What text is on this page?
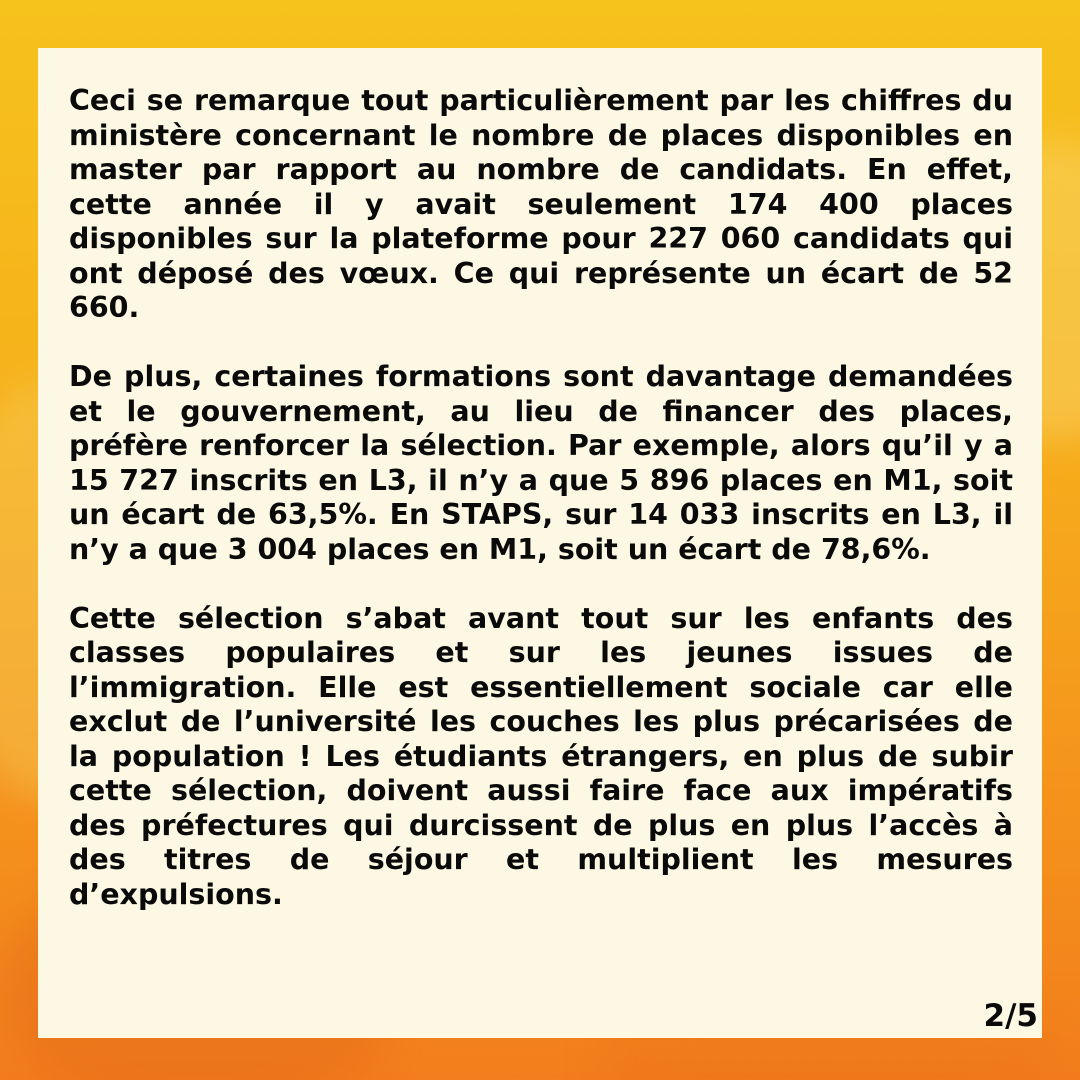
Ceci se remarque tout particulièrement par les chiffres du ministère concernant le nombre de places disponibles en master par rapport au nombre de candidats. En effet, cette année il y avait seulement 174 400 places disponibles sur la plateforme pour 227 060 candidats qui ont déposé des vœux. Ce qui représente un écart de 52 660.

De plus, certaines formations sont davantage demandées et le gouvernement, au lieu de financer des places, préfère renforcer la sélection. Par exemple, alors qu’il y a 15 727 inscrits en L3, il n’y a que 5 896 places en M1, soit un écart de 63,5%. En STAPS, sur 14 033 inscrits en L3, il n’y a que 3 004 places en M1, soit un écart de 78,6%.

Cette sélection s’abat avant tout sur les enfants des classes populaires et sur les jeunes issues de l’immigration. Elle est essentiellement sociale car elle exclut de l’université les couches les plus précarisées de la population ! Les étudiants étrangers, en plus de subir cette sélection, doivent aussi faire face aux impératifs des préfectures qui durcissent de plus en plus l’accès à des titres de séjour et multiplient les mesures d’expulsions.

2/5
